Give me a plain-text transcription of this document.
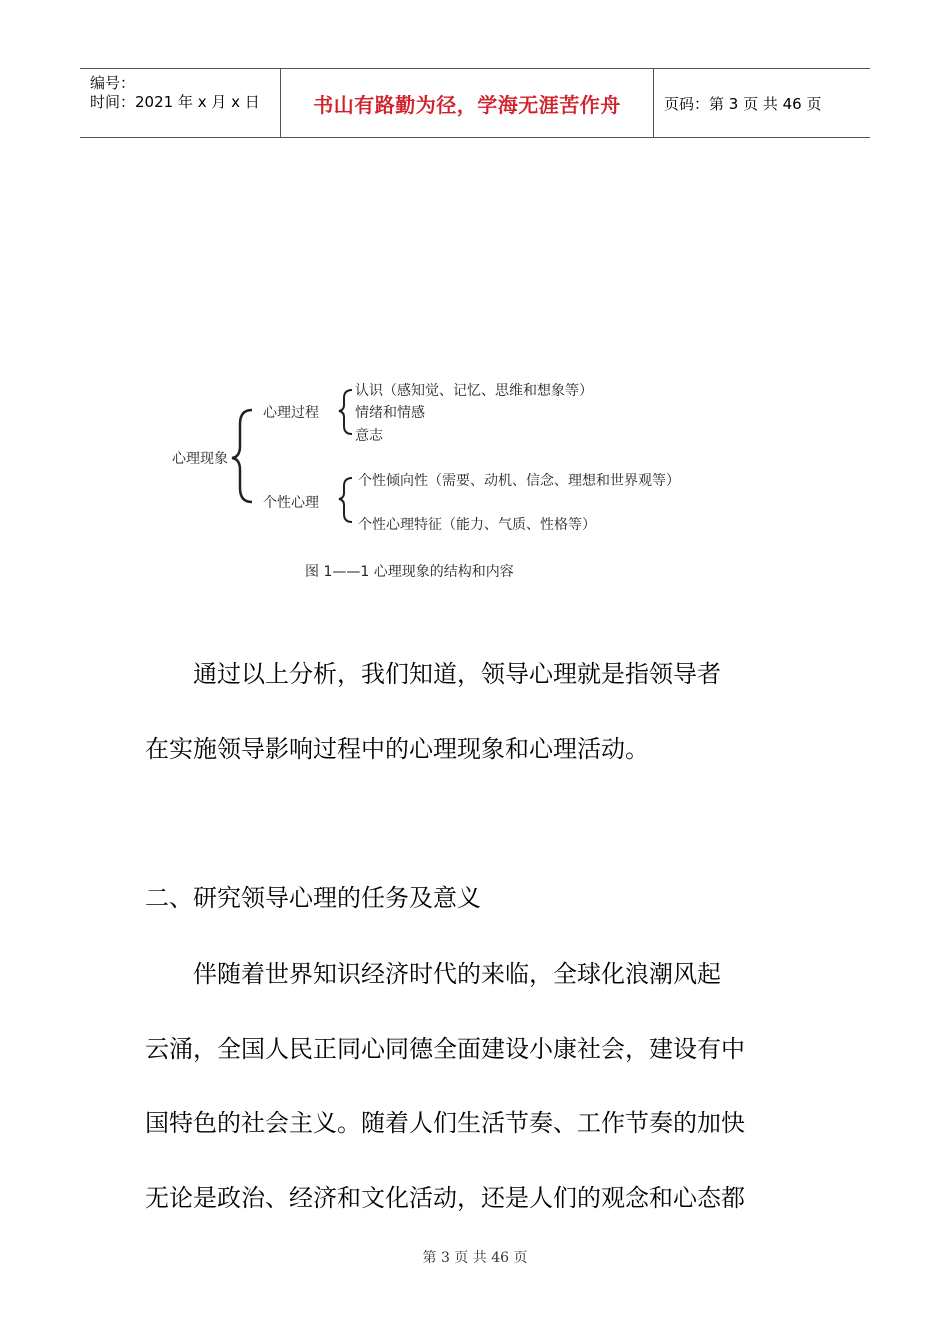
编号：
时间：2021 年 x 月 x 日	书山有路勤为径，学海无涯苦作舟	页码：第 3 页 共 46 页
心理现象
心理过程
认识（感知觉、记忆、思维和想象等）
情绪和情感
意志
个性心理
个性倾向性（需要、动机、信念、理想和世界观等）
个性心理特征（能力、气质、性格等）
图 1——1 心理现象的结构和内容
　　通过以上分析，我们知道，领导心理就是指领导者
在实施领导影响过程中的心理现象和心理活动。
二、研究领导心理的任务及意义
　　伴随着世界知识经济时代的来临，全球化浪潮风起
云涌，全国人民正同心同德全面建设小康社会，建设有中
国特色的社会主义。随着人们生活节奏、工作节奏的加快
无论是政治、经济和文化活动，还是人们的观念和心态都
第 3 页 共 46 页
